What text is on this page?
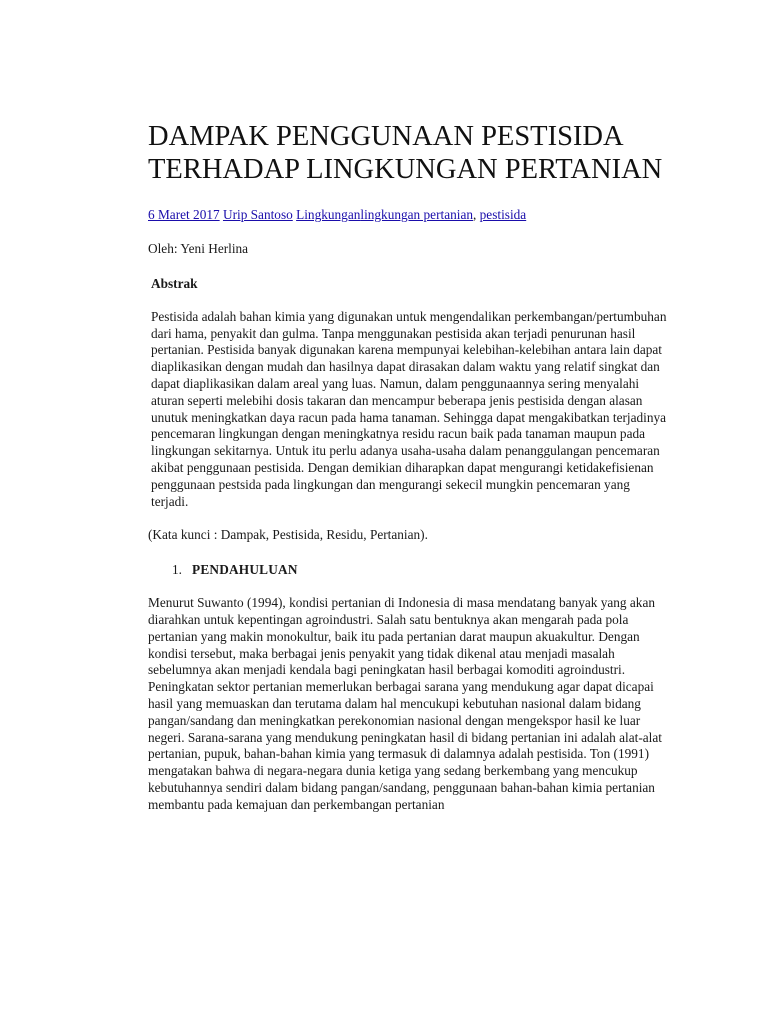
DAMPAK PENGGUNAAN PESTISIDA TERHADAP LINGKUNGAN PERTANIAN
6 Maret 2017 Urip Santoso Lingkunganlingkungan pertanian, pestisida

Oleh: Yeni Herlina

Abstrak

Pestisida adalah bahan kimia yang digunakan untuk mengendalikan perkembangan/pertumbuhan dari hama, penyakit dan gulma. Tanpa menggunakan pestisida akan terjadi penurunan hasil pertanian. Pestisida banyak digunakan karena mempunyai kelebihan-kelebihan antara lain dapat diaplikasikan dengan mudah dan hasilnya dapat dirasakan dalam waktu yang relatif singkat dan dapat diaplikasikan dalam areal yang luas. Namun, dalam penggunaannya sering menyalahi aturan seperti melebihi dosis takaran dan mencampur beberapa jenis pestisida dengan alasan unutuk meningkatkan daya racun pada hama tanaman. Sehingga dapat mengakibatkan terjadinya pencemaran lingkungan dengan meningkatnya residu racun baik pada tanaman maupun pada lingkungan sekitarnya. Untuk itu perlu adanya usaha-usaha dalam penanggulangan pencemaran akibat penggunaan pestisida. Dengan demikian diharapkan dapat mengurangi ketidakefisienan penggunaan pestsida pada lingkungan dan mengurangi sekecil mungkin pencemaran yang terjadi.

(Kata kunci : Dampak, Pestisida, Residu, Pertanian).

1. PENDAHULUAN

Menurut Suwanto (1994), kondisi pertanian di Indonesia di masa mendatang banyak yang akan diarahkan untuk kepentingan agroindustri. Salah satu bentuknya akan mengarah pada pola pertanian yang makin monokultur, baik itu pada pertanian darat maupun akuakultur. Dengan kondisi tersebut, maka berbagai jenis penyakit yang tidak dikenal atau menjadi masalah sebelumnya akan menjadi kendala bagi peningkatan hasil berbagai komoditi agroindustri. Peningkatan sektor pertanian memerlukan berbagai sarana yang mendukung agar dapat dicapai hasil yang memuaskan dan terutama dalam hal mencukupi kebutuhan nasional dalam bidang pangan/sandang dan meningkatkan perekonomian nasional dengan mengekspor hasil ke luar negeri. Sarana-sarana yang mendukung peningkatan hasil di bidang pertanian ini adalah alat-alat pertanian, pupuk, bahan-bahan kimia yang termasuk di dalamnya adalah pestisida. Ton (1991) mengatakan bahwa di negara-negara dunia ketiga yang sedang berkembang yang mencukup kebutuhannya sendiri dalam bidang pangan/sandang, penggunaan bahan-bahan kimia pertanian membantu pada kemajuan dan perkembangan pertanian
